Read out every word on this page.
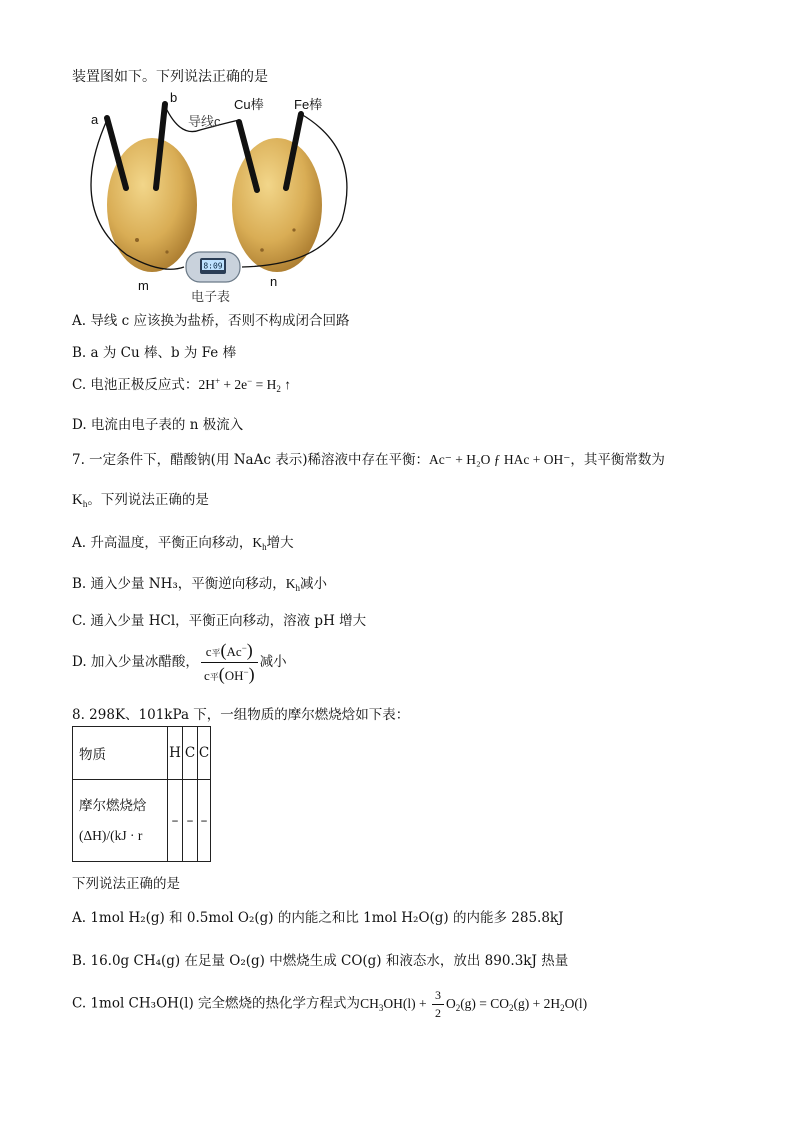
装置图如下。下列说法正确的是
8:09
a
b
导线c
Cu棒 Fe棒
m	n
电子表
A. 导线 c 应该换为盐桥，否则不构成闭合回路
B. a 为 Cu 棒、b 为 Fe 棒
C. 电池正极反应式：$2H^+ + 2e^- = H_2$ ↑
D. 电流由电子表的 n 极流入
7. 一定条件下，醋酸钠(用 NaAc 表示)稀溶液中存在平衡：Ac⁻ + H₂O ƒ HAc + OH⁻，其平衡常数为
$K_h$。下列说法正确的是
A. 升高温度，平衡正向移动，$K_h$增大
B. 通入少量 NH₃，平衡逆向移动，$K_h$减小
C. 通入少量 HCl，平衡正向移动，溶液 pH 增大
D. 加入少量冰醋酸， $\frac{c平(Ac^-)}{c平(OH^-)}$ 减小
8. 298K、101kPa 下，一组物质的摩尔燃烧焓如下表：
物质	H	C	C

摩尔燃烧焓
(ΔH)/(kJ · r	–	–	–
下列说法正确的是
A. 1mol H₂(g) 和 0.5mol O₂(g) 的内能之和比 1mol H₂O(g) 的内能多 285.8kJ
B. 16.0g CH₄(g) 在足量 O₂(g) 中燃烧生成 CO(g) 和液态水，放出 890.3kJ 热量
C. 1mol CH₃OH(l) 完全燃烧的热化学方程式为$CH_3OH(l) + \frac{3}{2} O_2(g) = CO_2(g) + 2H_2O(l)$
